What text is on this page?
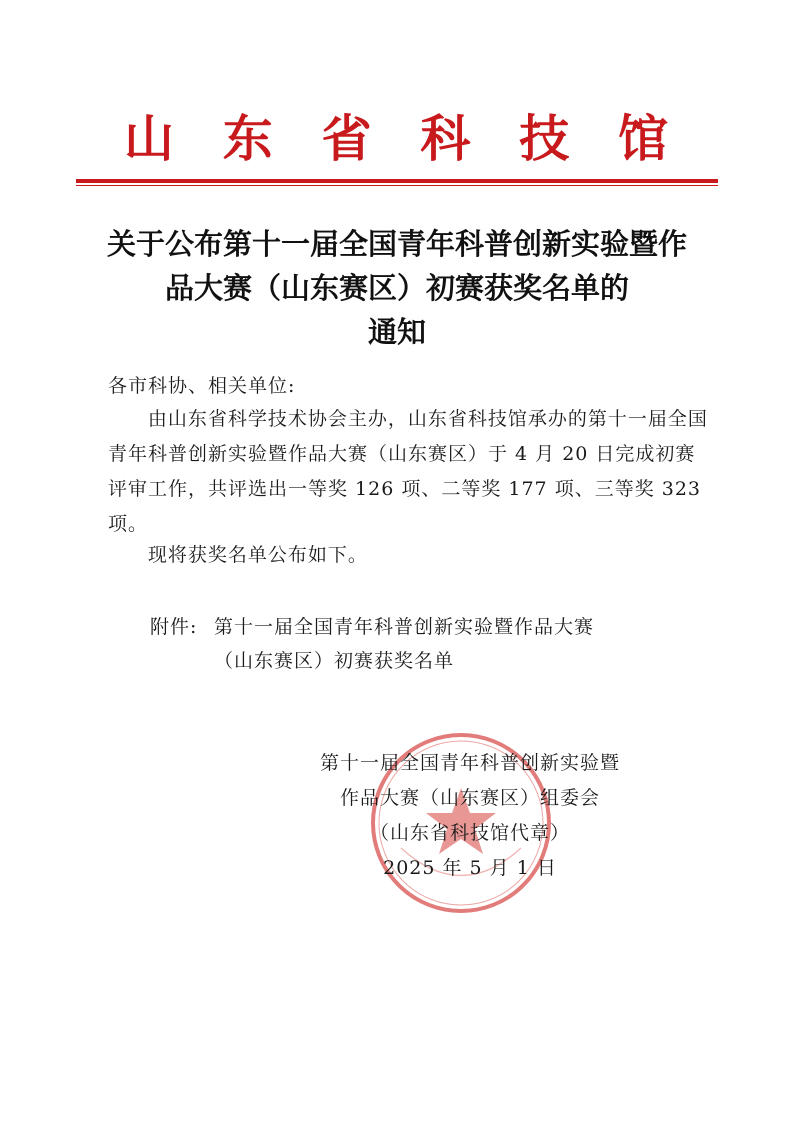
山 东 省 科 技 馆
关于公布第十一届全国青年科普创新实验暨作
品大赛（山东赛区）初赛获奖名单的
通知
各市科协、相关单位:
由山东省科学技术协会主办，山东省科技馆承办的第十一届全国青年科普创新实验暨作品大赛（山东赛区）于 4 月 20 日完成初赛评审工作，共评选出一等奖 126 项、二等奖 177 项、三等奖 323 项。
现将获奖名单公布如下。
附件: 第十一届全国青年科普创新实验暨作品大赛
（山东赛区）初赛获奖名单
第十一届全国青年科普创新实验暨
作品大赛（山东赛区）组委会
（山东省科技馆代章）
2025 年 5 月 1 日
